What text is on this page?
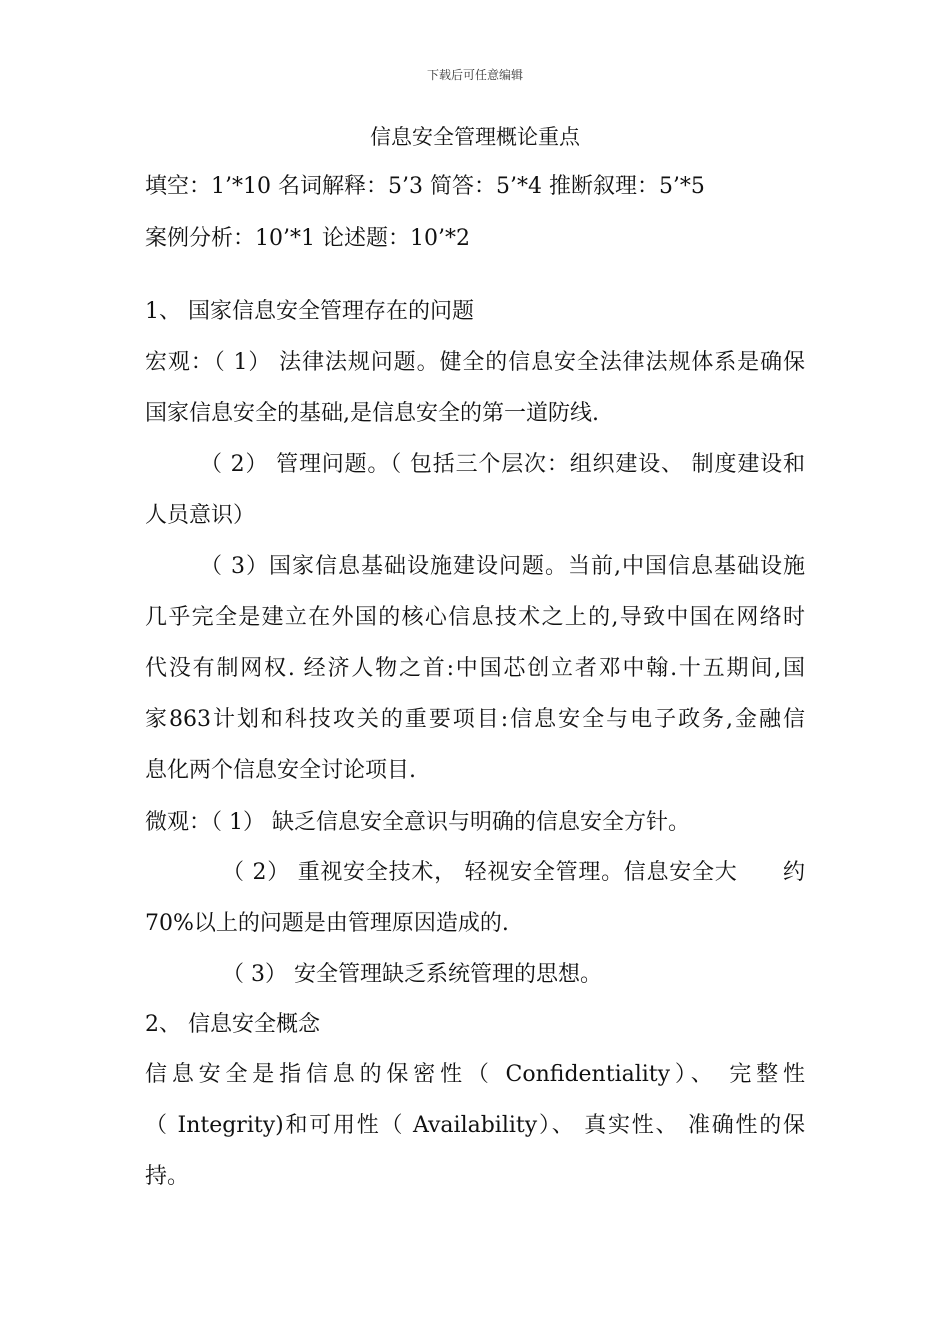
下载后可任意编辑
信息安全管理概论重点
填空：1’*10 名词解释：5’3 简答：5’*4 推断叙理：5’*5
案例分析：10’*1 论述题：10’*2
1、 国家信息安全管理存在的问题
宏观：（ 1） 法律法规问题。健全的信息安全法律法规体系是确保
国家信息安全的基础,是信息安全的第一道防线.
（ 2） 管理问题。（ 包括三个层次：组织建设、 制度建设和
人员意识）
（ 3）国家信息基础设施建设问题。当前,中国信息基础设施
几乎完全是建立在外国的核心信息技术之上的,导致中国在网络时
代没有制网权. 经济人物之首:中国芯创立者邓中翰.十五期间,国
家863计划和科技攻关的重要项目:信息安全与电子政务,金融信
息化两个信息安全讨论项目.
微观：（ 1） 缺乏信息安全意识与明确的信息安全方针。
（ 2） 重视安全技术， 轻视安全管理。信息安全大　　约
70%以上的问题是由管理原因造成的.
（ 3） 安全管理缺乏系统管理的思想。
2、 信息安全概念
信息安全是指信息的保密性（ Confidentiality）、 完整性
（ Integrity)和可用性（ Availability）、 真实性、 准确性的保
持。
